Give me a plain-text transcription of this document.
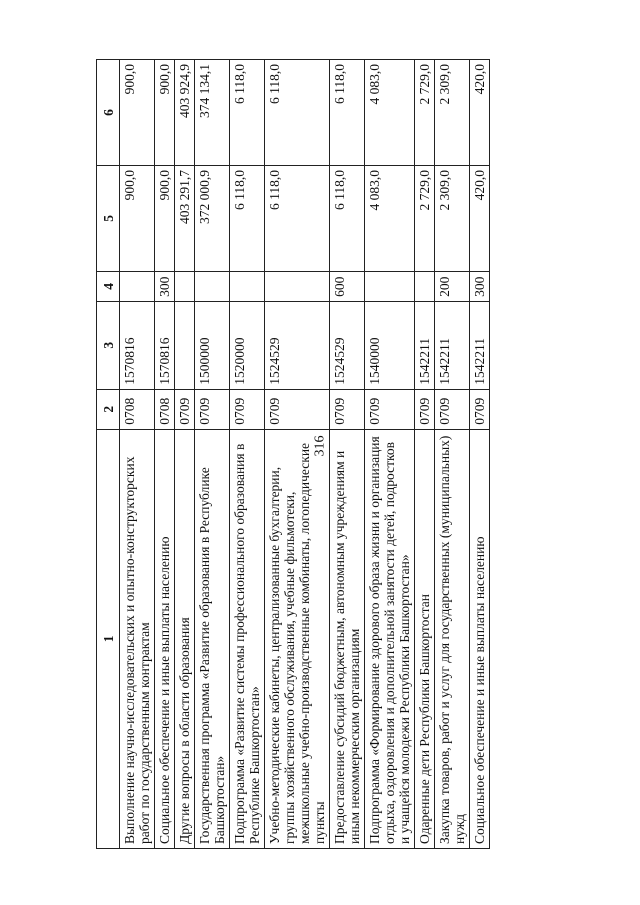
316
1	2	3	4	5	6
Выполнение научно-исследовательских и опытно-конструкторских работ по государственным контрактам	0708	1570816		900,0	900,0
Социальное обеспечение и иные выплаты населению	0708	1570816	300	900,0	900,0
Другие вопросы в области образования	0709			403 291,7	403 924,9
Государственная программа «Развитие образования в Республике Башкортостан»	0709	1500000		372 000,9	374 134,1
Подпрограмма «Развитие системы профессионального образования в Республике Башкортостан»	0709	1520000		6 118,0	6 118,0
Учебно-методические кабинеты, централизованные бухгалтерии, группы хозяйственного обслуживания, учебные фильмотеки, межшкольные учебно-производственные комбинаты, логопедические пункты	0709	1524529		6 118,0	6 118,0
Предоставление субсидий бюджетным, автономным учреждениям и иным некоммерческим организациям	0709	1524529	600	6 118,0	6 118,0
Подпрограмма «Формирование здорового образа жизни и организация отдыха, оздоровления и дополнительной занятости детей, подростков и учащейся молодежи Республики Башкортостан»	0709	1540000		4 083,0	4 083,0
Одаренные дети Республики Башкортостан	0709	1542211		2 729,0	2 729,0
Закупка товаров, работ и услуг для государственных (муниципальных) нужд	0709	1542211	200	2 309,0	2 309,0
Социальное обеспечение и иные выплаты населению	0709	1542211	300	420,0	420,0
